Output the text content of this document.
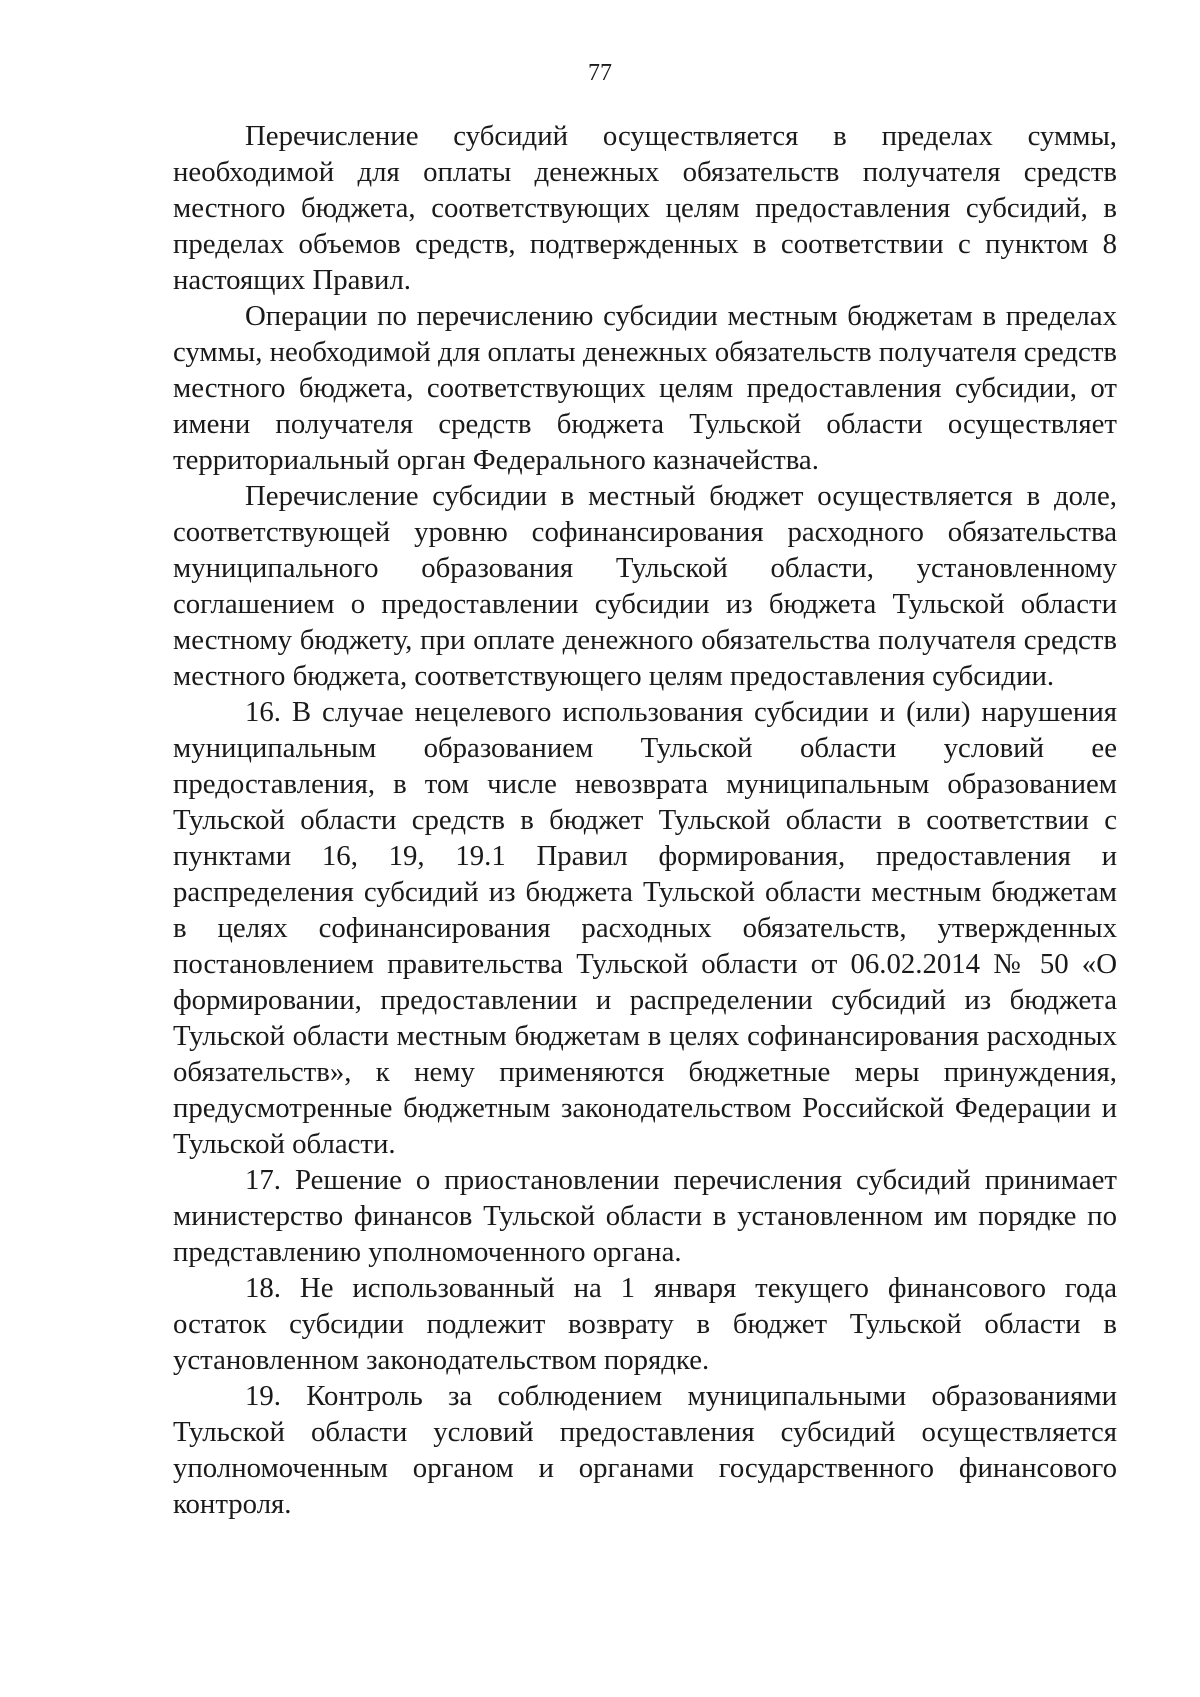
77

Перечисление субсидий осуществляется в пределах суммы, необходимой для оплаты денежных обязательств получателя средств местного бюджета, соответствующих целям предоставления субсидий, в пределах объемов средств, подтвержденных в соответствии с пунктом 8 настоящих Правил.

Операции по перечислению субсидии местным бюджетам в пределах суммы, необходимой для оплаты денежных обязательств получателя средств местного бюджета, соответствующих целям предоставления субсидии, от имени получателя средств бюджета Тульской области осуществляет территориальный орган Федерального казначейства.

Перечисление субсидии в местный бюджет осуществляется в доле, соответствующей уровню софинансирования расходного обязательства муниципального образования Тульской области, установленному соглашением о предоставлении субсидии из бюджета Тульской области местному бюджету, при оплате денежного обязательства получателя средств местного бюджета, соответствующего целям предоставления субсидии.

16. В случае нецелевого использования субсидии и (или) нарушения муниципальным образованием Тульской области условий ее предоставления, в том числе невозврата муниципальным образованием Тульской области средств в бюджет Тульской области в соответствии с пунктами 16, 19, 19.1 Правил формирования, предоставления и распределения субсидий из бюджета Тульской области местным бюджетам в целях софинансирования расходных обязательств, утвержденных постановлением правительства Тульской области от 06.02.2014 № 50 «О формировании, предоставлении и распределении субсидий из бюджета Тульской области местным бюджетам в целях софинансирования расходных обязательств», к нему применяются бюджетные меры принуждения, предусмотренные бюджетным законодательством Российской Федерации и Тульской области.

17. Решение о приостановлении перечисления субсидий принимает министерство финансов Тульской области в установленном им порядке по представлению уполномоченного органа.

18. Не использованный на 1 января текущего финансового года остаток субсидии подлежит возврату в бюджет Тульской области в установленном законодательством порядке.

19. Контроль за соблюдением муниципальными образованиями Тульской области условий предоставления субсидий осуществляется уполномоченным органом и органами государственного финансового контроля.
